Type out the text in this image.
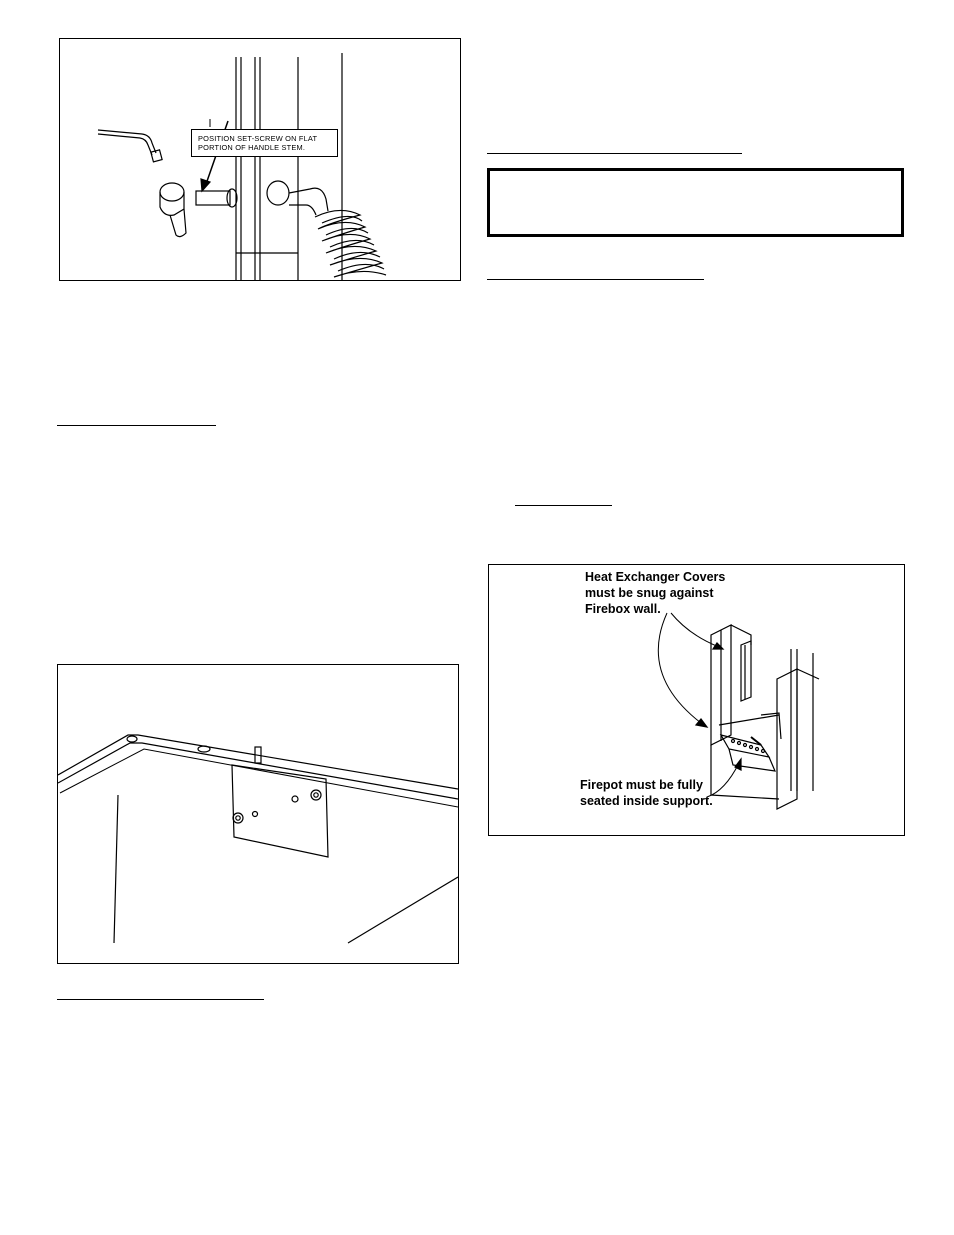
POSITION SET-SCREW ON FLAT
PORTION OF HANDLE STEM.
Heat Exchanger Covers
must be snug against
Firebox wall.
Firepot must be fully
seated inside support.
